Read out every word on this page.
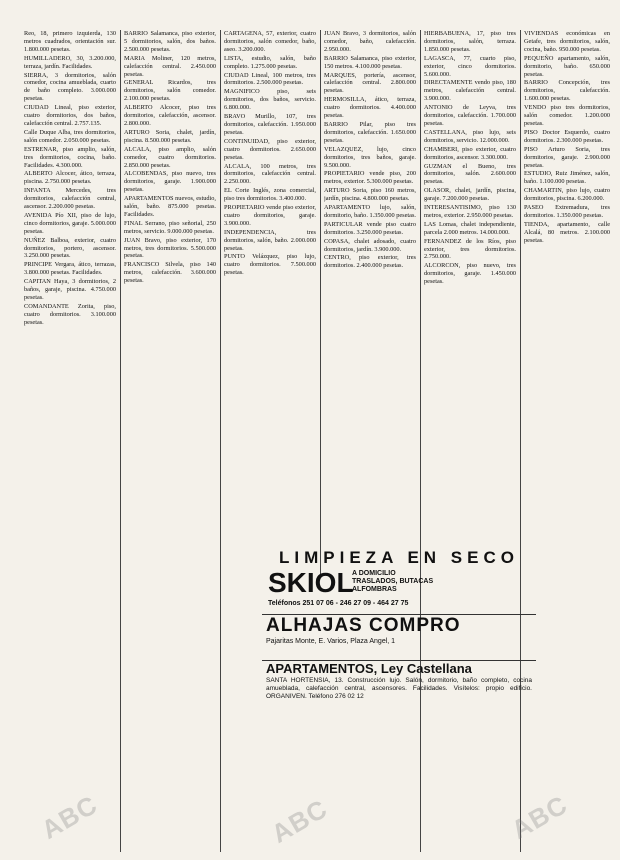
Reo, 18, primero izquierda, 130 metros cuadrados, orientación sur. 1.800.000 pesetas.

HUMILLADERO, 30, 3.200.000, terraza, jardín. Facilidades.

SIERRA, 3 dormitorios, salón comedor, cocina amueblada, cuarto de baño completo. 3.000.000 pesetas.

CIUDAD Lineal, piso exterior, cuatro dormitorios, dos baños, calefacción central. 2.757.135.

Calle Duque Alba, tres dormitorios, salón comedor. 2.050.000 pesetas.

ESTRENAR, piso amplio, salón, tres dormitorios, cocina, baño. Facilidades. 4.300.000.

ALBERTO Alcocer, ático, terraza, piscina. 2.750.000 pesetas.

INFANTA Mercedes, tres dormitorios, calefacción central, ascensor. 2.200.000 pesetas.

AVENIDA Pío XII, piso de lujo, cinco dormitorios, garaje. 5.000.000 pesetas.

NUÑEZ Balboa, exterior, cuatro dormitorios, portero, ascensor. 3.250.000 pesetas.

PRINCIPE Vergara, ático, terrazas, 3.800.000 pesetas. Facilidades.

CAPITAN Haya, 3 dormitorios, 2 baños, garaje, piscina. 4.750.000 pesetas.

COMANDANTE Zorita, piso, cuatro dormitorios. 3.100.000 pesetas.

BARRIO Salamanca, piso exterior, 5 dormitorios, salón, dos baños. 2.500.000 pesetas.

MARIA Moliner, 120 metros, calefacción central. 2.450.000 pesetas.

GENERAL Ricardos, tres dormitorios, salón comedor. 2.100.000 pesetas.

ALBERTO Alcocer, piso tres dormitorios, calefacción, ascensor. 2.800.000.

ARTURO Soria, chalet, jardín, piscina. 8.500.000 pesetas.

ALCALA, piso amplio, salón comedor, cuatro dormitorios. 2.850.000 pesetas.

ALCOBENDAS, piso nuevo, tres dormitorios, garaje. 1.900.000 pesetas.

APARTAMENTOS nuevos, estudio, salón, baño. 875.000 pesetas. Facilidades.

FINAL Serrano, piso señorial, 250 metros, servicio. 9.000.000 pesetas.

JUAN Bravo, piso exterior, 170 metros, tres dormitorios. 5.500.000 pesetas.

FRANCISCO Silvela, piso 140 metros, calefacción. 3.600.000 pesetas.

CARTAGENA, 57, exterior, cuatro dormitorios, salón comedor, baño, aseo. 3.200.000.

LISTA, estudio, salón, baño completo. 1.275.000 pesetas.

CIUDAD Lineal, 100 metros, tres dormitorios. 2.500.000 pesetas.

MAGNIFICO piso, seis dormitorios, dos baños, servicio. 6.800.000.

BRAVO Murillo, 107, tres dormitorios, calefacción. 1.950.000 pesetas.

CONTINUIDAD, piso exterior, cuatro dormitorios. 2.650.000 pesetas.

ALCALA, 100 metros, tres dormitorios, calefacción central. 2.250.000.

EL Corte Inglés, zona comercial, piso tres dormitorios. 3.400.000.

PROPIETARIO vende piso exterior, cuatro dormitorios, garaje. 3.900.000.

INDEPENDENCIA, tres dormitorios, salón, baño. 2.000.000 pesetas.

PUNTO Velázquez, piso lujo, cuatro dormitorios. 7.500.000 pesetas.

JUAN Bravo, 3 dormitorios, salón comedor, baño, calefacción. 2.950.000.

BARRIO Salamanca, piso exterior, 150 metros. 4.100.000 pesetas.

MARQUES, portería, ascensor, calefacción central. 2.800.000 pesetas.

HERMOSILLA, ático, terraza, cuatro dormitorios. 4.400.000 pesetas.

BARRIO Pilar, piso tres dormitorios, calefacción. 1.650.000 pesetas.

VELAZQUEZ, lujo, cinco dormitorios, tres baños, garaje. 9.500.000.

PROPIETARIO vende piso, 200 metros, exterior. 5.300.000 pesetas.

ARTURO Soria, piso 160 metros, jardín, piscina. 4.800.000 pesetas.

APARTAMENTO lujo, salón, dormitorio, baño. 1.350.000 pesetas.

PARTICULAR vende piso cuatro dormitorios. 3.250.000 pesetas.

COPASA, chalet adosado, cuatro dormitorios, jardín. 3.900.000.

CENTRO, piso exterior, tres dormitorios. 2.400.000 pesetas.

HIERBABUENA, 17, piso tres dormitorios, salón, terraza. 1.850.000 pesetas.

LAGASCA, 77, cuarto piso, exterior, cinco dormitorios. 5.600.000.

DIRECTAMENTE vendo piso, 180 metros, calefacción central. 3.900.000.

ANTONIO de Leyva, tres dormitorios, calefacción. 1.700.000 pesetas.

CASTELLANA, piso lujo, seis dormitorios, servicio. 12.000.000.

CHAMBERI, piso exterior, cuatro dormitorios, ascensor. 3.300.000.

GUZMAN el Bueno, tres dormitorios, salón. 2.600.000 pesetas.

OLASOR, chalet, jardín, piscina, garaje. 7.200.000 pesetas.

INTERESANTISIMO, piso 130 metros, exterior. 2.950.000 pesetas.

LAS Lomas, chalet independiente, parcela 2.000 metros. 14.000.000.

FERNANDEZ de los Ríos, piso exterior, tres dormitorios. 2.750.000.

ALCORCON, piso nuevo, tres dormitorios, garaje. 1.450.000 pesetas.

VIVIENDAS económicas en Getafe, tres dormitorios, salón, cocina, baño. 950.000 pesetas.

PEQUEÑO apartamento, salón, dormitorio, baño. 650.000 pesetas.

BARRIO Concepción, tres dormitorios, calefacción. 1.600.000 pesetas.

VENDO piso tres dormitorios, salón comedor. 1.200.000 pesetas.

PISO Doctor Esquerdo, cuatro dormitorios. 2.300.000 pesetas.

PISO Arturo Soria, tres dormitorios, garaje. 2.900.000 pesetas.

ESTUDIO, Ruiz Jiménez, salón, baño. 1.100.000 pesetas.

CHAMARTIN, piso lujo, cuatro dormitorios, piscina. 6.200.000.

PASEO Extremadura, tres dormitorios. 1.350.000 pesetas.

TIENDA, apartamento, calle Alcalá, 80 metros. 2.100.000 pesetas.

LIMPIEZA EN SECO
SKIOL
A DOMICILIO
TRASLADOS, BUTACAS
ALFOMBRAS
Teléfonos 251 07 06 - 246 27 09 - 464 27 75
ALHAJAS COMPRO
Pajaritas Monte, E. Varios, Plaza Angel, 1
APARTAMENTOS, Ley Castellana
SANTA HORTENSIA, 13. Construcción lujo. Salón, dormitorio, baño completo, cocina amueblada, calefacción central, ascensores. Facilidades. Visítelos: propio edificio. ORGANIVEN. Teléfono 276 02 12
ABC	ABC	ABC
